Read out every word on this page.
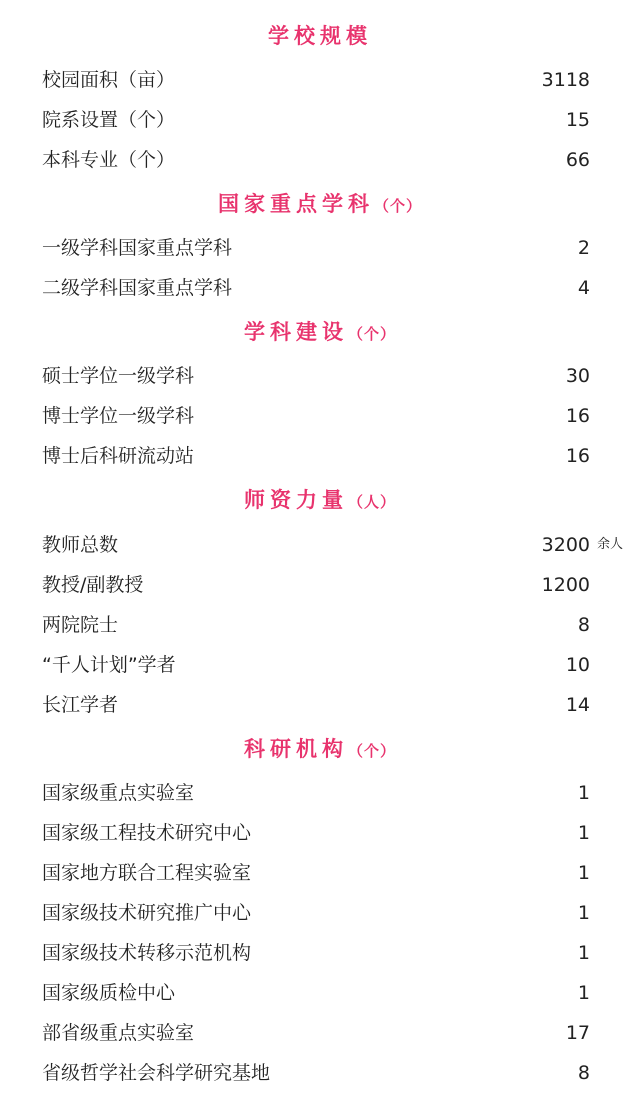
学校规模
校园面积（亩）	3118
院系设置（个）	15
本科专业（个）	66
国家重点学科（个）
一级学科国家重点学科	2
二级学科国家重点学科	4
学科建设（个）
硕士学位一级学科	30
博士学位一级学科	16
博士后科研流动站	16
师资力量（人）
教师总数	3200 余人
教授/副教授	1200
两院院士	8
“千人计划”学者	10
长江学者	14
科研机构（个）
国家级重点实验室	1
国家级工程技术研究中心	1
国家地方联合工程实验室	1
国家级技术研究推广中心	1
国家级技术转移示范机构	1
国家级质检中心	1
部省级重点实验室	17
省级哲学社会科学研究基地	8
